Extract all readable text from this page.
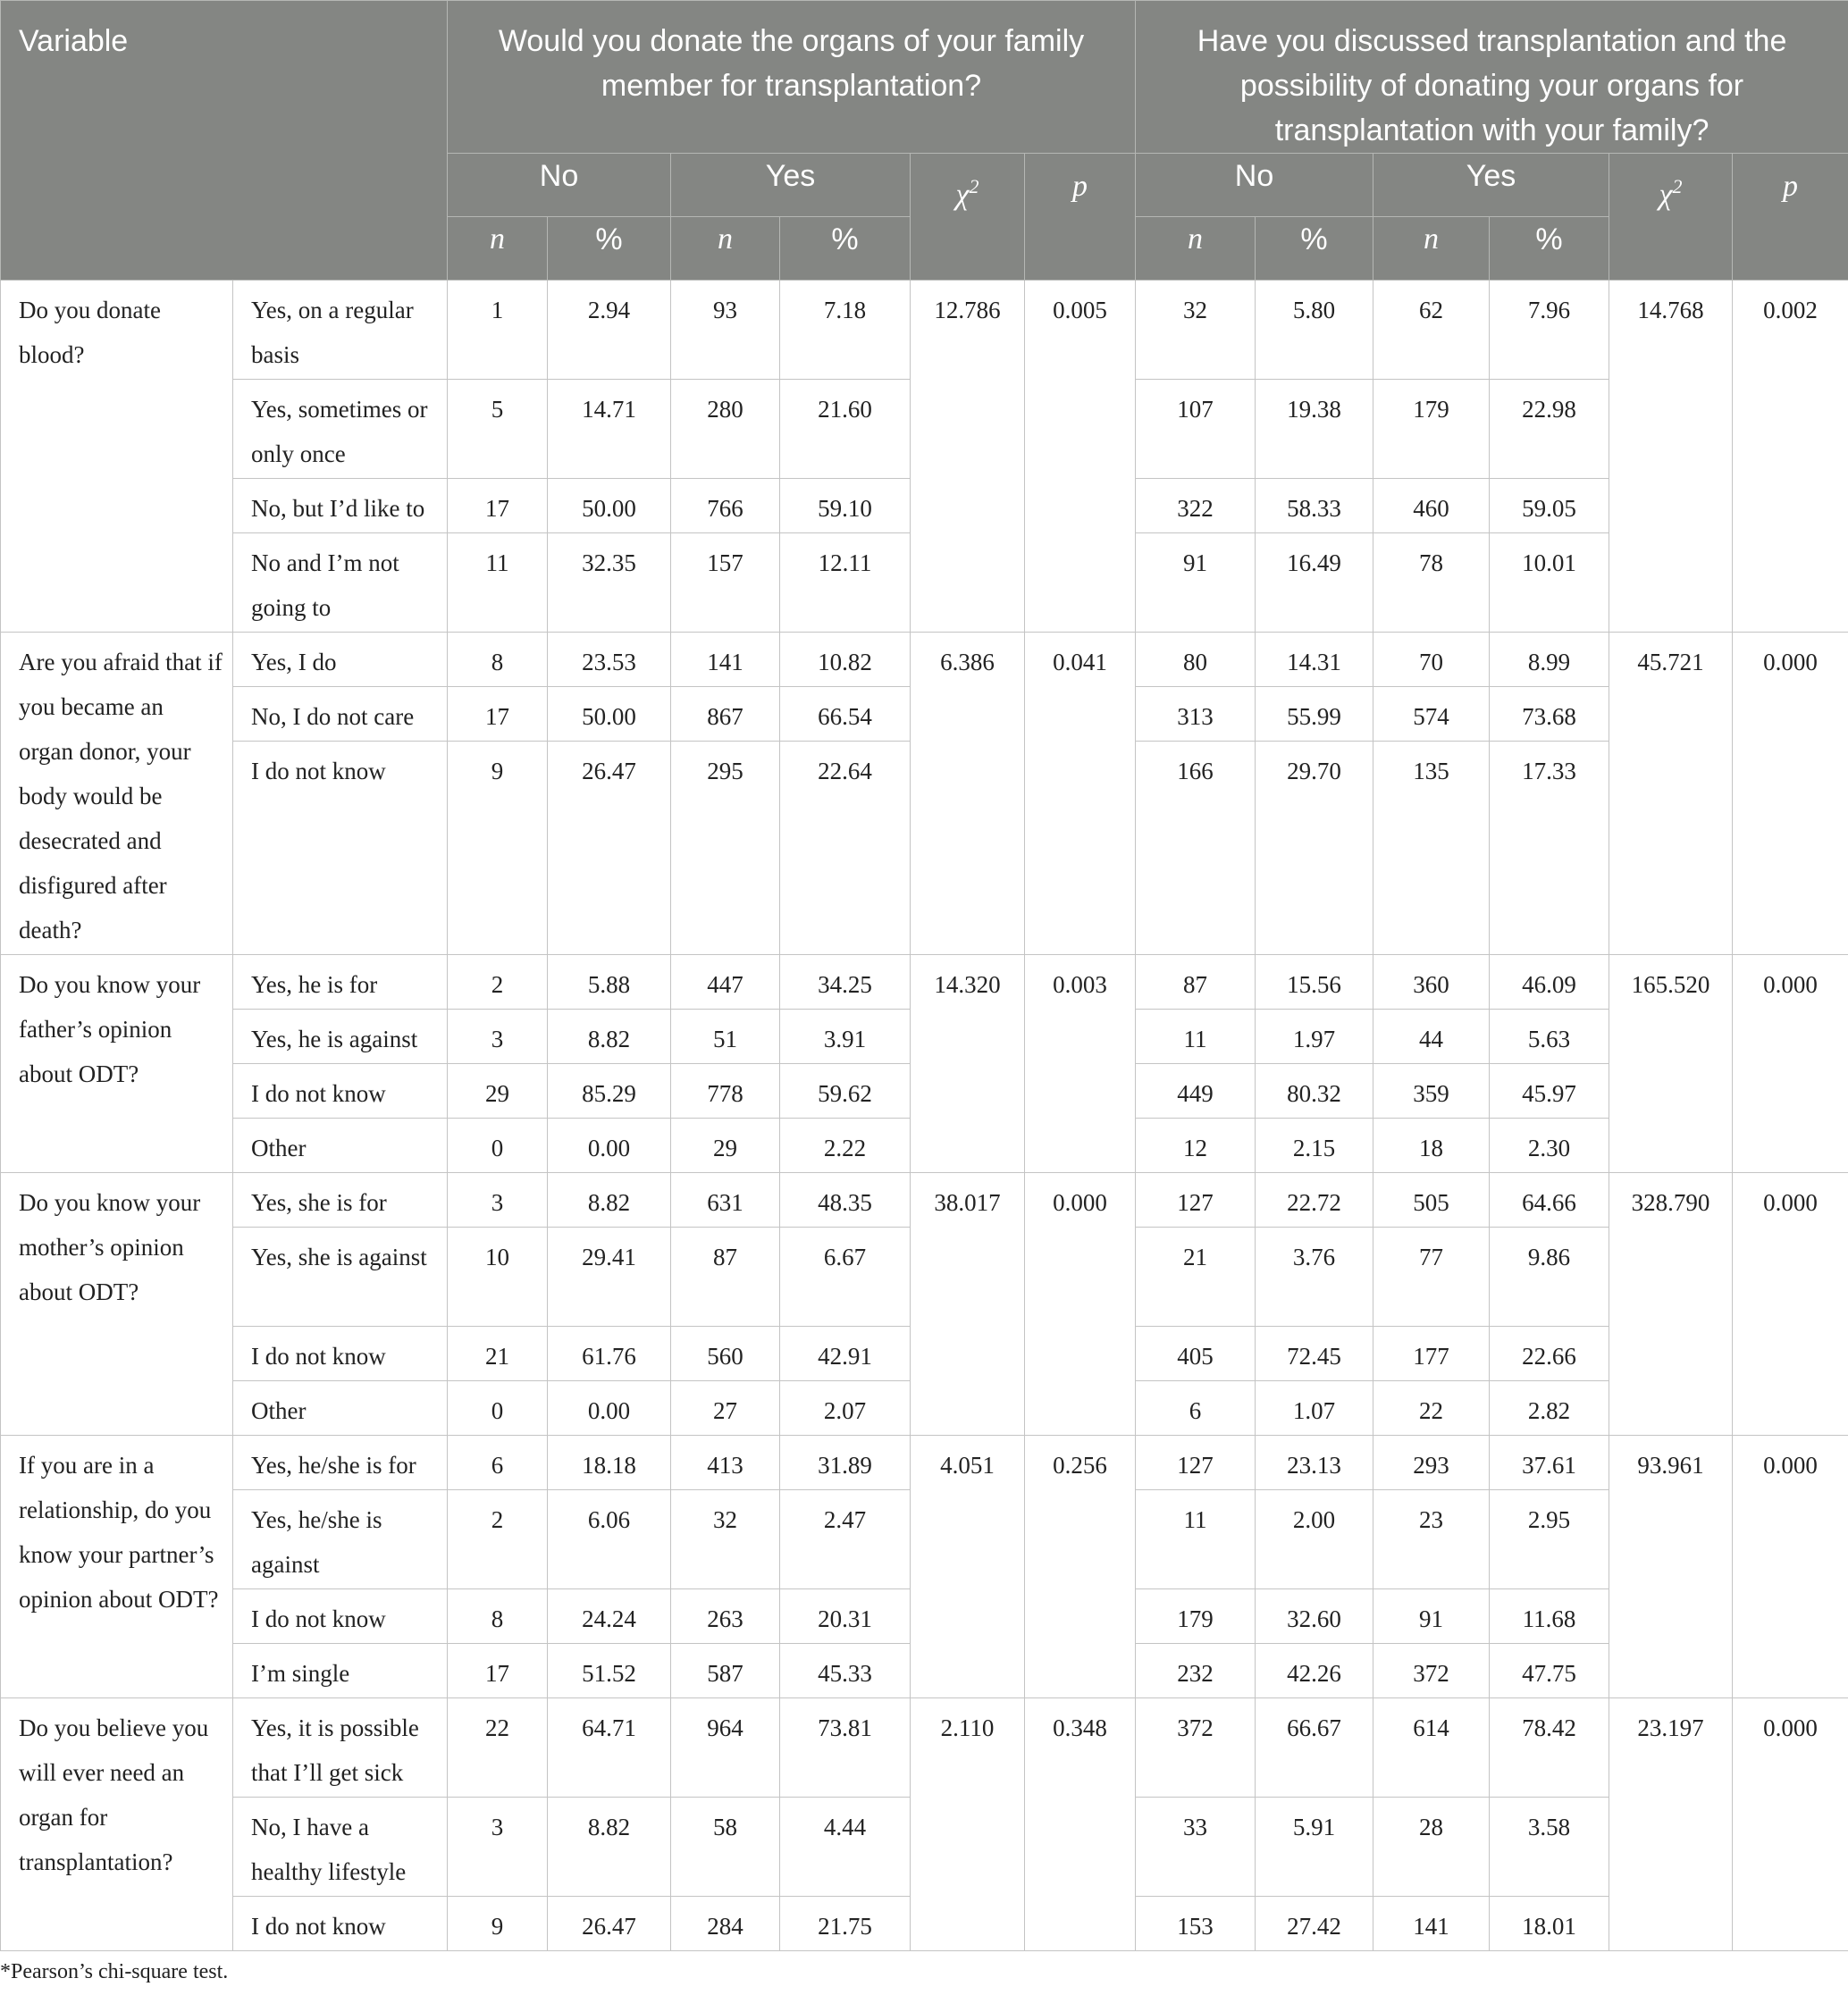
Variable		Would you donate the organs of your family member for transplantation?						Have you discussed transplantation and the possibility of donating your organs for transplantation with your family?					
		No		Yes		$\chi^2$	p	No		Yes		$\chi^2$	p
		n	%	n	%			n	%	n	%		
Do you donate blood?	Yes, on a regular basis	1	2.94	93	7.18	12.786	0.005	32	5.80	62	7.96	14.768	0.002
	Yes, sometimes or only once	5	14.71	280	21.60			107	19.38	179	22.98		
	No, but I’d like to	17	50.00	766	59.10			322	58.33	460	59.05		
	No and I’m not going to	11	32.35	157	12.11			91	16.49	78	10.01		
Are you afraid that if you became an organ donor, your body would be desecrated and disfigured after death?	Yes, I do	8	23.53	141	10.82	6.386	0.041	80	14.31	70	8.99	45.721	0.000
	No, I do not care	17	50.00	867	66.54			313	55.99	574	73.68		
	I do not know	9	26.47	295	22.64			166	29.70	135	17.33		
Do you know your father’s opinion about ODT?	Yes, he is for	2	5.88	447	34.25	14.320	0.003	87	15.56	360	46.09	165.520	0.000
	Yes, he is against	3	8.82	51	3.91			11	1.97	44	5.63		
	I do not know	29	85.29	778	59.62			449	80.32	359	45.97		
	Other	0	0.00	29	2.22			12	2.15	18	2.30		
Do you know your mother’s opinion about ODT?	Yes, she is for	3	8.82	631	48.35	38.017	0.000	127	22.72	505	64.66	328.790	0.000
	Yes, she is against	10	29.41	87	6.67			21	3.76	77	9.86		
	I do not know	21	61.76	560	42.91			405	72.45	177	22.66		
	Other	0	0.00	27	2.07			6	1.07	22	2.82		
If you are in a relationship, do you know your partner’s opinion about ODT?	Yes, he/she is for	6	18.18	413	31.89	4.051	0.256	127	23.13	293	37.61	93.961	0.000
	Yes, he/she is against	2	6.06	32	2.47			11	2.00	23	2.95		
	I do not know	8	24.24	263	20.31			179	32.60	91	11.68		
	I’m single	17	51.52	587	45.33			232	42.26	372	47.75		
Do you believe you will ever need an organ for transplantation?	Yes, it is possible that I’ll get sick	22	64.71	964	73.81	2.110	0.348	372	66.67	614	78.42	23.197	0.000
	No, I have a healthy lifestyle	3	8.82	58	4.44			33	5.91	28	3.58		
	I do not know	9	26.47	284	21.75			153	27.42	141	18.01		
*Pearson’s chi-square test.
